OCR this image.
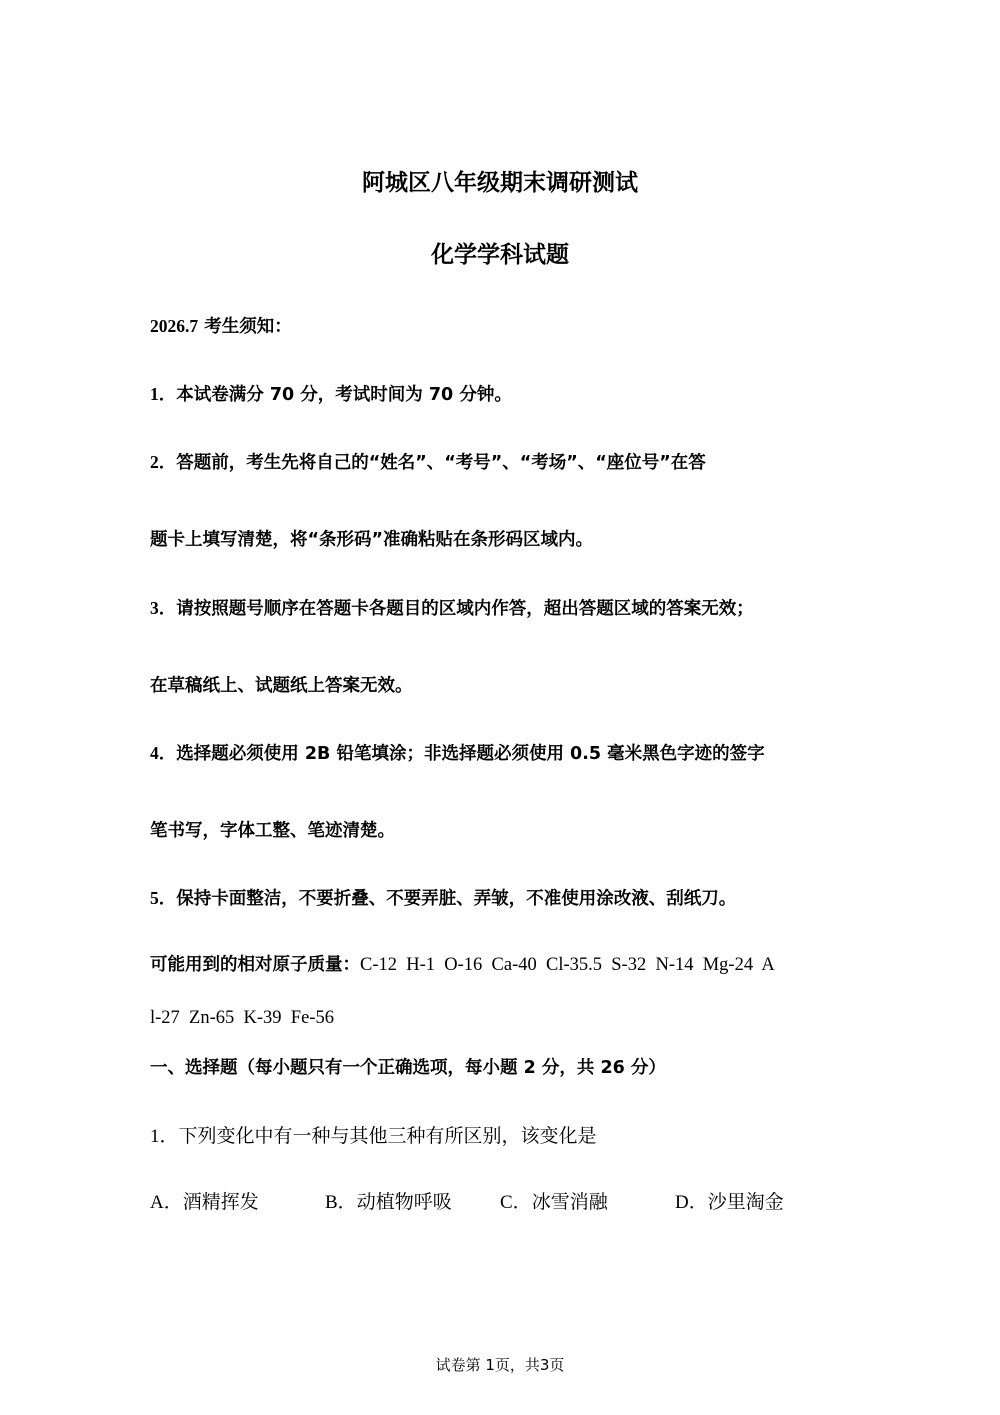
阿城区八年级期末调研测试
化学学科试题
2026.7 考生须知：
1．本试卷满分 70 分，考试时间为 70 分钟。
2．答题前，考生先将自己的“姓名”、“考号”、“考场”、“座位号”在答
题卡上填写清楚，将“条形码”准确粘贴在条形码区域内。
3．请按照题号顺序在答题卡各题目的区域内作答，超出答题区域的答案无效；
在草稿纸上、试题纸上答案无效。
4．选择题必须使用 2B 铅笔填涂；非选择题必须使用 0.5 毫米黑色字迹的签字
笔书写，字体工整、笔迹清楚。
5．保持卡面整洁，不要折叠、不要弄脏、弄皱，不准使用涂改液、刮纸刀。
可能用到的相对原子质量：C-12  H-1  O-16  Ca-40  Cl-35.5  S-32  N-14  Mg-24  A
l-27  Zn-65  K-39  Fe-56
一、选择题（每小题只有一个正确选项，每小题 2 分，共 26 分）
1．下列变化中有一种与其他三种有所区别，该变化是
A．酒精挥发	B．动植物呼吸	C．冰雪消融	D．沙里淘金
试卷第 1页，共3页
